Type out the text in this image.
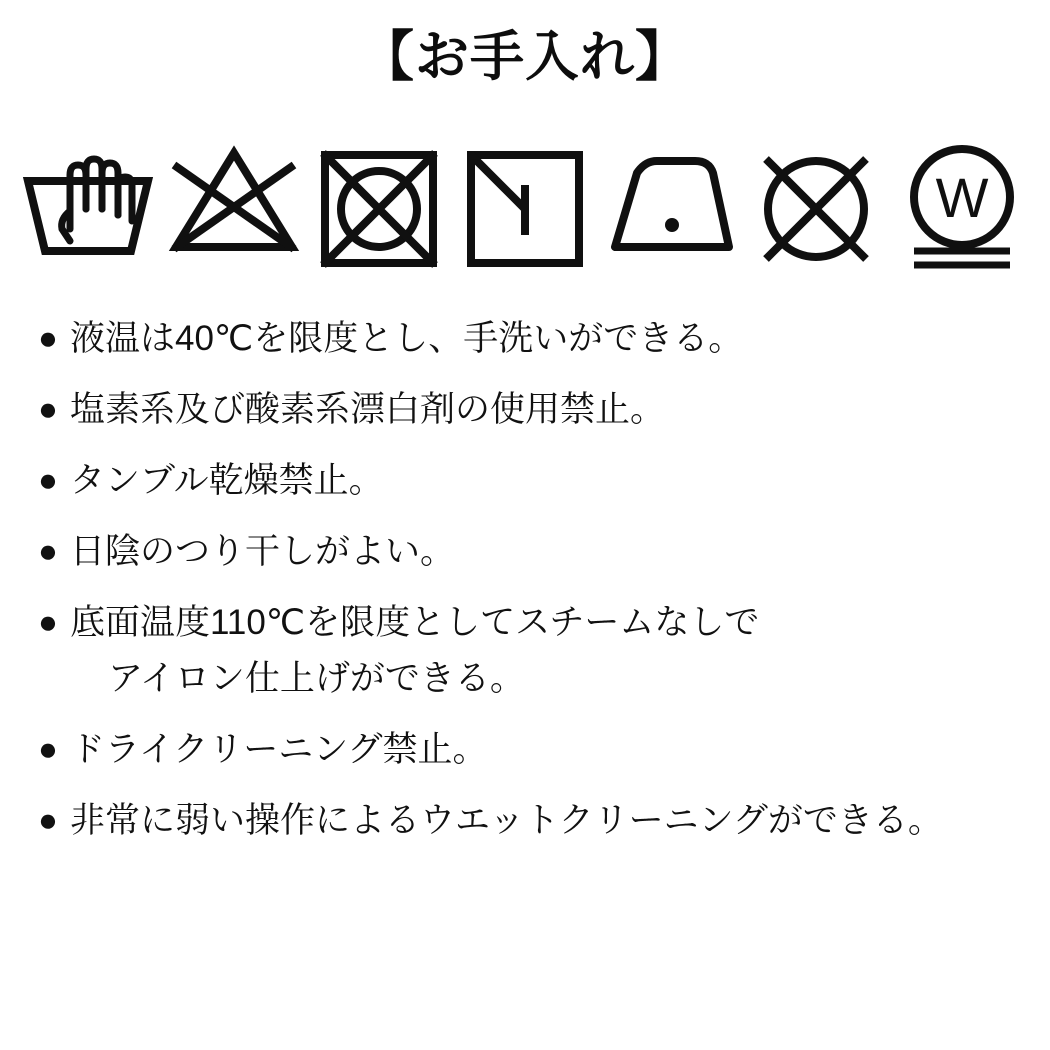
【お手入れ】
W
● 液温は40℃を限度とし、手洗いができる。
● 塩素系及び酸素系漂白剤の使用禁止。
● タンブル乾燥禁止。
● 日陰のつり干しがよい。
● 底面温度110℃を限度としてスチームなしで
アイロン仕上げができる。
● ドライクリーニング禁止。
● 非常に弱い操作によるウエットクリーニングができる。
